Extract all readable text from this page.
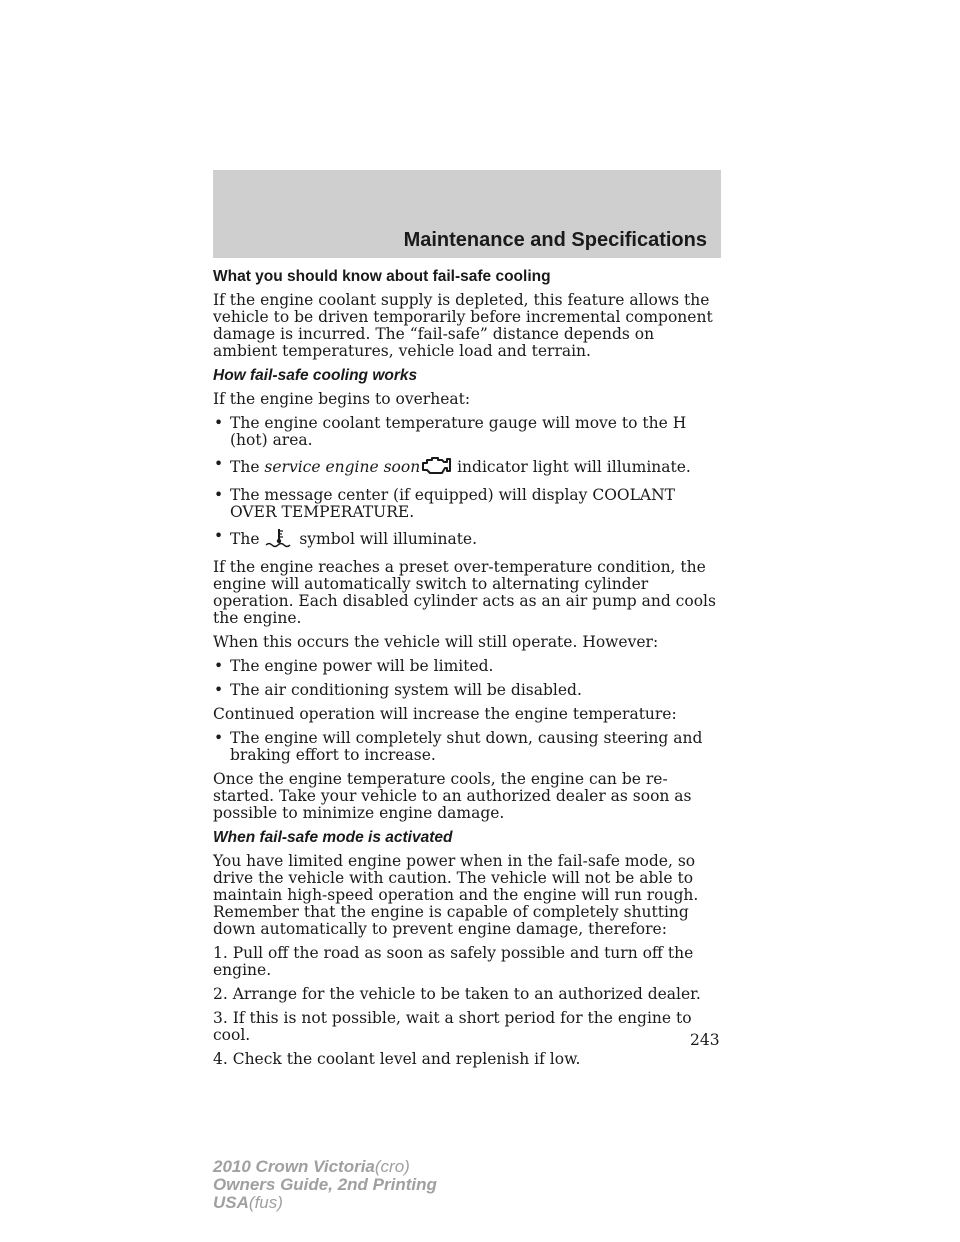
Maintenance and Specifications
What you should know about fail-safe cooling

If the engine coolant supply is depleted, this feature allows the vehicle to be driven temporarily before incremental component damage is incurred. The “fail-safe” distance depends on ambient temperatures, vehicle load and terrain.

How fail-safe cooling works

If the engine begins to overheat:

• The engine coolant temperature gauge will move to the H (hot) area.

• The service engine soon indicator light will illuminate.

• The message center (if equipped) will display COOLANT OVER TEMPERATURE.

• The  symbol will illuminate.

If the engine reaches a preset over-temperature condition, the engine will automatically switch to alternating cylinder operation. Each disabled cylinder acts as an air pump and cools the engine.

When this occurs the vehicle will still operate. However:

• The engine power will be limited.

• The air conditioning system will be disabled.

Continued operation will increase the engine temperature:

• The engine will completely shut down, causing steering and braking effort to increase.

Once the engine temperature cools, the engine can be re-started. Take your vehicle to an authorized dealer as soon as possible to minimize engine damage.

When fail-safe mode is activated

You have limited engine power when in the fail-safe mode, so drive the vehicle with caution. The vehicle will not be able to maintain high-speed operation and the engine will run rough. Remember that the engine is capable of completely shutting down automatically to prevent engine damage, therefore:

1. Pull off the road as soon as safely possible and turn off the engine.

2. Arrange for the vehicle to be taken to an authorized dealer.

3. If this is not possible, wait a short period for the engine to cool.

4. Check the coolant level and replenish if low.

243
2010 Crown Victoria(cro)
Owners Guide, 2nd Printing
USA(fus)
